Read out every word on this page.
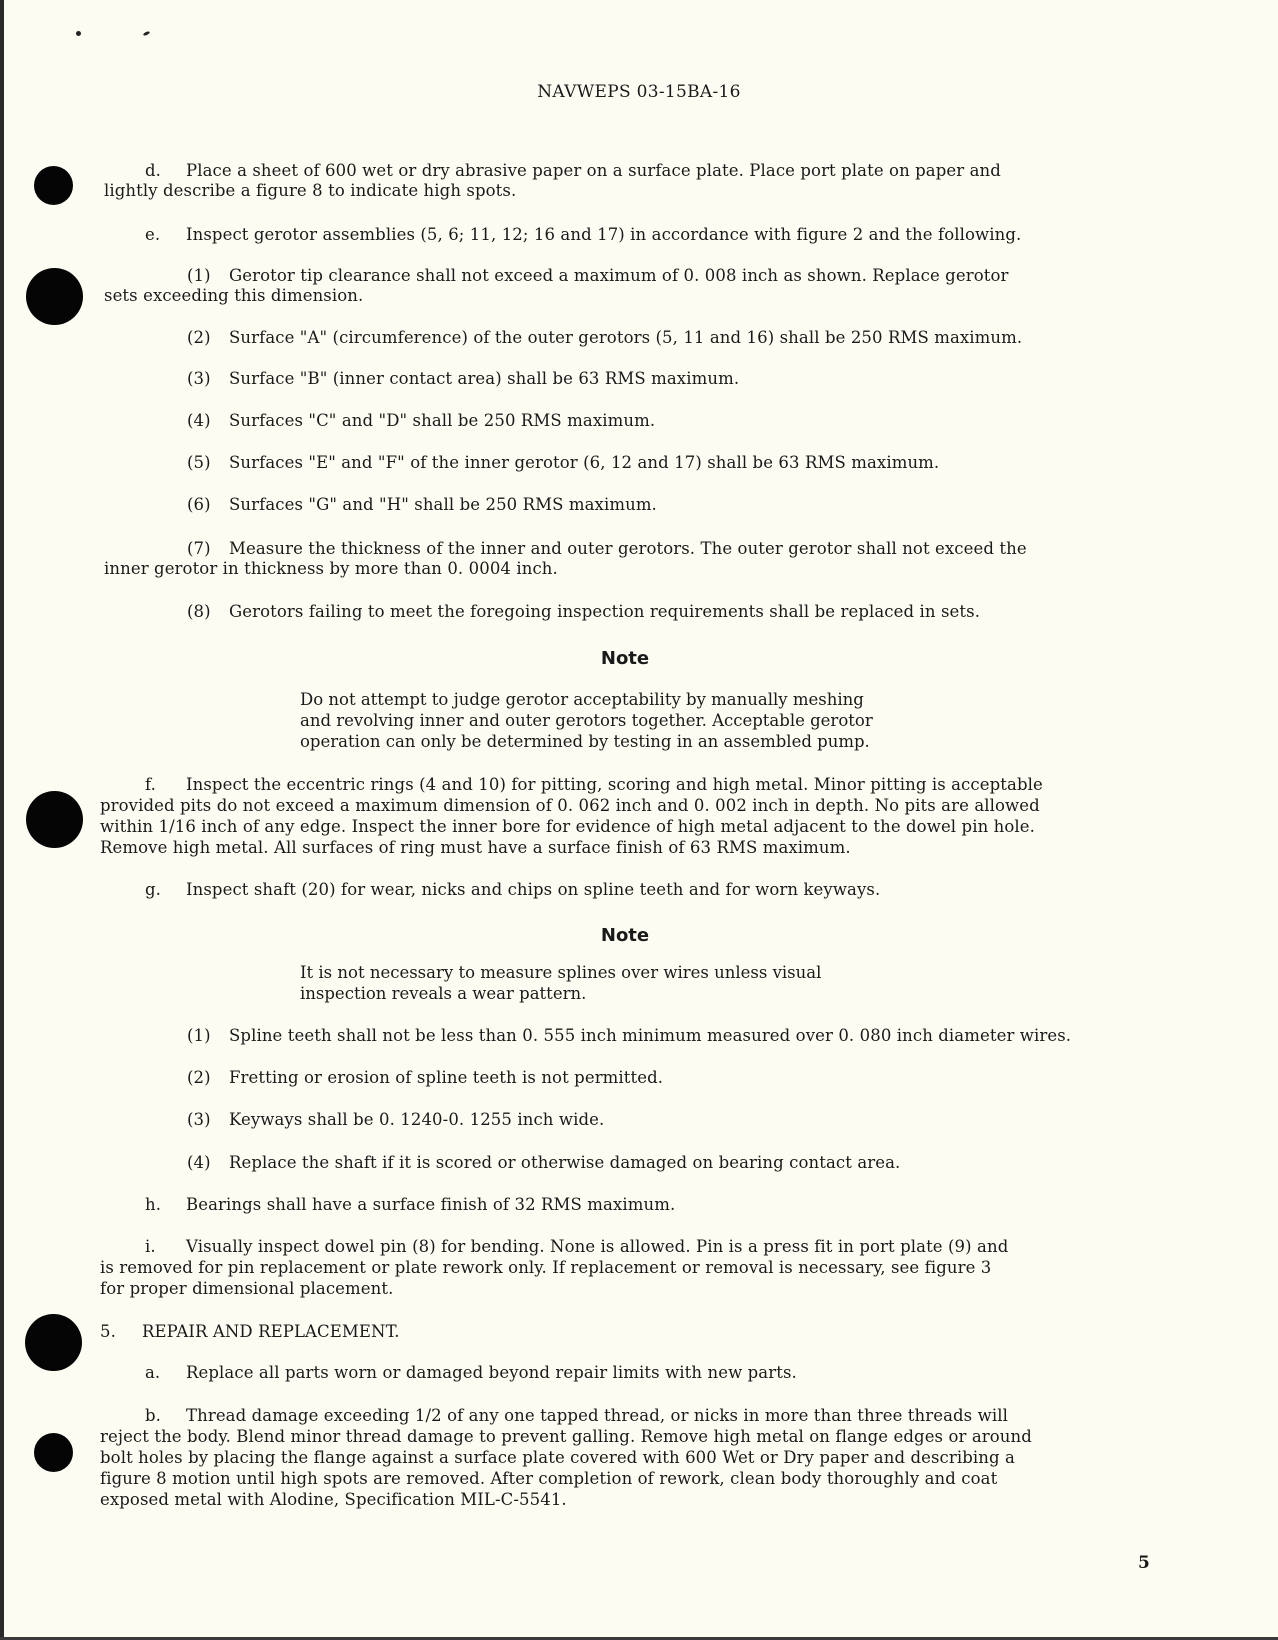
NAVWEPS 03-15BA-16
d. Place a sheet of 600 wet or dry abrasive paper on a surface plate. Place port plate on paper and
lightly describe a figure 8 to indicate high spots.
e. Inspect gerotor assemblies (5, 6; 11, 12; 16 and 17) in accordance with figure 2 and the following.
(1) Gerotor tip clearance shall not exceed a maximum of 0. 008 inch as shown. Replace gerotor
sets exceeding this dimension.
(2) Surface "A" (circumference) of the outer gerotors (5, 11 and 16) shall be 250 RMS maximum.
(3) Surface "B" (inner contact area) shall be 63 RMS maximum.
(4) Surfaces "C" and "D" shall be 250 RMS maximum.
(5) Surfaces "E" and "F" of the inner gerotor (6, 12 and 17) shall be 63 RMS maximum.
(6) Surfaces "G" and "H" shall be 250 RMS maximum.
(7) Measure the thickness of the inner and outer gerotors. The outer gerotor shall not exceed the
inner gerotor in thickness by more than 0. 0004 inch.
(8) Gerotors failing to meet the foregoing inspection requirements shall be replaced in sets.
Note
Do not attempt to judge gerotor acceptability by manually meshing
and revolving inner and outer gerotors together. Acceptable gerotor
operation can only be determined by testing in an assembled pump.
f. Inspect the eccentric rings (4 and 10) for pitting, scoring and high metal. Minor pitting is acceptable
provided pits do not exceed a maximum dimension of 0. 062 inch and 0. 002 inch in depth. No pits are allowed
within 1/16 inch of any edge. Inspect the inner bore for evidence of high metal adjacent to the dowel pin hole.
Remove high metal. All surfaces of ring must have a surface finish of 63 RMS maximum.
g. Inspect shaft (20) for wear, nicks and chips on spline teeth and for worn keyways.
Note
It is not necessary to measure splines over wires unless visual
inspection reveals a wear pattern.
(1) Spline teeth shall not be less than 0. 555 inch minimum measured over 0. 080 inch diameter wires.
(2) Fretting or erosion of spline teeth is not permitted.
(3) Keyways shall be 0. 1240-0. 1255 inch wide.
(4) Replace the shaft if it is scored or otherwise damaged on bearing contact area.
h. Bearings shall have a surface finish of 32 RMS maximum.
i. Visually inspect dowel pin (8) for bending. None is allowed. Pin is a press fit in port plate (9) and
is removed for pin replacement or plate rework only. If replacement or removal is necessary, see figure 3
for proper dimensional placement.
5. REPAIR AND REPLACEMENT.
a. Replace all parts worn or damaged beyond repair limits with new parts.
b. Thread damage exceeding 1/2 of any one tapped thread, or nicks in more than three threads will
reject the body. Blend minor thread damage to prevent galling. Remove high metal on flange edges or around
bolt holes by placing the flange against a surface plate covered with 600 Wet or Dry paper and describing a
figure 8 motion until high spots are removed. After completion of rework, clean body thoroughly and coat
exposed metal with Alodine, Specification MIL-C-5541.
5
